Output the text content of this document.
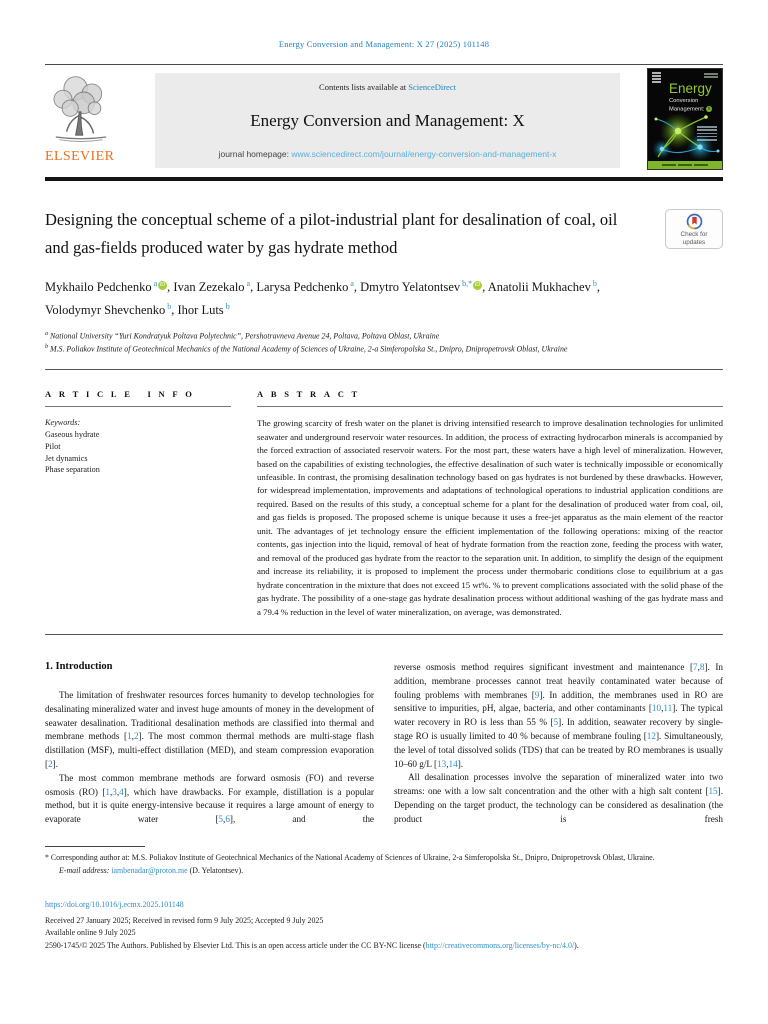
Energy Conversion and Management: X 27 (2025) 101148
ELSEVIER
Contents lists available at ScienceDirect
Energy Conversion and Management: X
journal homepage: www.sciencedirect.com/journal/energy-conversion-and-management-x
Energy
Conversion
Management: X
Designing the conceptual scheme of a pilot-industrial plant for desalination of coal, oil and gas-fields produced water by gas hydrate method
Check for
updates
Mykhailo Pedchenko $^a$ iD , Ivan Zezekalo $^a$, Larysa Pedchenko $^a$, Dmytro Yelatontsev $^{b,*}$ iD , Anatolii Mukhachev $^b$, Volodymyr Shevchenko $^b$, Ihor Luts $^b$
$^a$ National University “Yuri Kondratyuk Poltava Polytechnic”, Pershotravneva Avenue 24, Poltava, Poltava Oblast, Ukraine
$^b$ M.S. Poliakov Institute of Geotechnical Mechanics of the National Academy of Sciences of Ukraine, 2-a Simferopolska St., Dnipro, Dnipropetrovsk Oblast, Ukraine
A R T I C L E   I N F O
Keywords:
Gaseous hydrate
Pilot
Jet dynamics
Phase separation
A B S T R A C T

The growing scarcity of fresh water on the planet is driving intensified research to improve desalination technologies for unlimited seawater and underground reservoir water resources. In addition, the process of extracting hydrocarbon minerals is accompanied by the forced extraction of associated reservoir waters. For the most part, these waters have a high level of mineralization. However, based on the capabilities of existing technologies, the effective desalination of such water is technically impossible or economically unfeasible. In contrast, the promising desalination technology based on gas hydrates is not burdened by these drawbacks. However, for widespread implementation, improvements and adaptations of technological operations to industrial application conditions are required. Based on the results of this study, a conceptual scheme for a plant for the desalination of produced water from coal, oil, and gas fields is proposed. The proposed scheme is unique because it uses a free-jet apparatus as the main element of the reactor unit. The advantages of jet technology ensure the efficient implementation of the following operations: mixing of the reactor contents, gas injection into the liquid, removal of heat of hydrate formation from the reaction zone, feeding the process with water, and removal of the produced gas hydrate from the reactor to the separation unit. In addition, to simplify the design of the equipment and increase its reliability, it is proposed to implement the process under thermobaric conditions close to equilibrium at a gas hydrate concentration in the mixture that does not exceed 15 wt%. % to prevent complications associated with the solid phase of the gas hydrate. The possibility of a one-stage gas hydrate desalination process without additional washing of the gas hydrate mass and a 79.4 % reduction in the level of water mineralization, on average, was demonstrated.

1. Introduction

The limitation of freshwater resources forces humanity to develop technologies for desalinating mineralized water and invest huge amounts of money in the development of seawater desalination. Traditional desalination methods are classified into thermal and membrane methods [1,2]. The most common thermal methods are multi-stage flash distillation (MSF), multi-effect distillation (MED), and steam compression evaporation [2].

The most common membrane methods are forward osmosis (FO) and reverse osmosis (RO) [1,3,4], which have drawbacks. For example, distillation is a popular method, but it is quite energy-intensive because it requires a large amount of energy to evaporate water [5,6], and the

reverse osmosis method requires significant investment and maintenance [7,8]. In addition, membrane processes cannot treat heavily contaminated water because of fouling problems with membranes [9]. In addition, the membranes used in RO are sensitive to impurities, pH, algae, bacteria, and other contaminants [10,11]. The typical water recovery in RO is less than 55 % [5]. In addition, seawater recovery by single-stage RO is usually limited to 40 % because of membrane fouling [12]. Simultaneously, the level of total dissolved solids (TDS) that can be treated by RO membranes is usually 10–60 g/L [13,14].

All desalination processes involve the separation of mineralized water into two streams: one with a low salt concentration and the other with a high salt content [15]. Depending on the target product, the technology can be considered as desalination (the product is fresh

* Corresponding author at: M.S. Poliakov Institute of Geotechnical Mechanics of the National Academy of Sciences of Ukraine, 2-a Simferopolska St., Dnipro, Dnipropetrovsk Oblast, Ukraine.
E-mail address: iambenadar@proton.me (D. Yelatontsev).
https://doi.org/10.1016/j.ecmx.2025.101148
Received 27 January 2025; Received in revised form 9 July 2025; Accepted 9 July 2025
Available online 9 July 2025
2590-1745/© 2025 The Authors. Published by Elsevier Ltd. This is an open access article under the CC BY-NC license (http://creativecommons.org/licenses/by-nc/4.0/).
